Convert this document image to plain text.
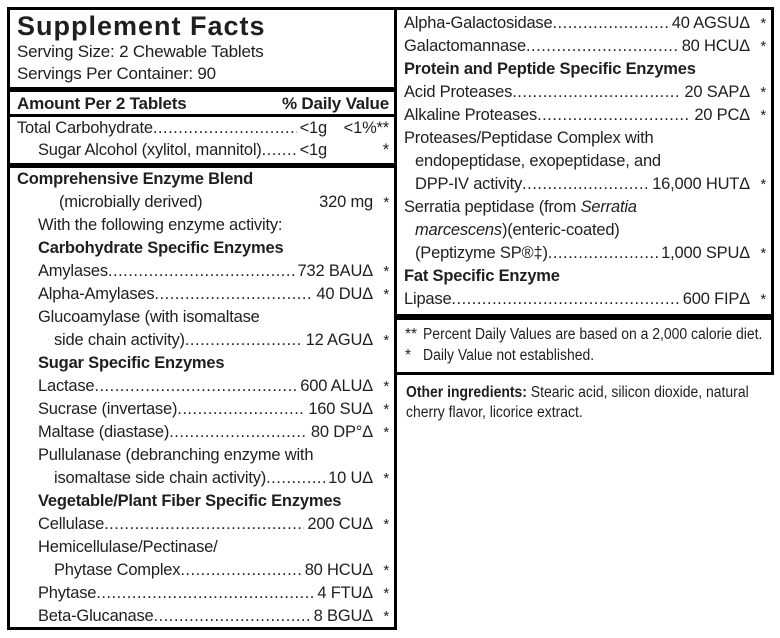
Supplement Facts
Serving Size: 2 Chewable Tablets
Servings Per Container: 90
Amount Per 2 Tablets	% Daily Value
Total Carbohydrate .....	<1g	<1%**
Sugar Alcohol (xylitol, mannitol) ..... <1g	*
Comprehensive Enzyme Blend
(microbially derived)	320 mg *
With the following enzyme activity:
Carbohydrate Specific Enzymes
Amylases .....	732 BAUΔ *
Alpha-Amylases .....	40 DUΔ *
Glucoamylase (with isomaltase
side chain activity) .....	12 AGUΔ *
Sugar Specific Enzymes
Lactase .....	600 ALUΔ *
Sucrase (invertase) .....	160 SUΔ *
Maltase (diastase) .....	80 DP°Δ *
Pullulanase (debranching enzyme with
isomaltase side chain activity) .....	10 UΔ *
Vegetable/Plant Fiber Specific Enzymes
Cellulase .....	200 CUΔ *
Hemicellulase/Pectinase/
Phytase Complex .....	80 HCUΔ *
Phytase .....	4 FTUΔ *
Beta-Glucanase .....	8 BGUΔ *
Alpha-Galactosidase .....	40 AGSUΔ *
Galactomannase .....	80 HCUΔ *
Protein and Peptide Specific Enzymes
Acid Proteases .....	20 SAPΔ *
Alkaline Proteases .....	20 PCΔ *
Proteases/Peptidase Complex with
endopeptidase, exopeptidase, and
DPP-IV activity .....	16,000 HUTΔ *
Serratia peptidase (from Serratia
marcescens)(enteric-coated)
(Peptizyme SP®‡) .....	1,000 SPUΔ *
Fat Specific Enzyme
Lipase .....	600 FIPΔ *
** Percent Daily Values are based on a 2,000 calorie diet.
* Daily Value not established.
Other ingredients: Stearic acid, silicon dioxide, natural
cherry flavor, licorice extract.
